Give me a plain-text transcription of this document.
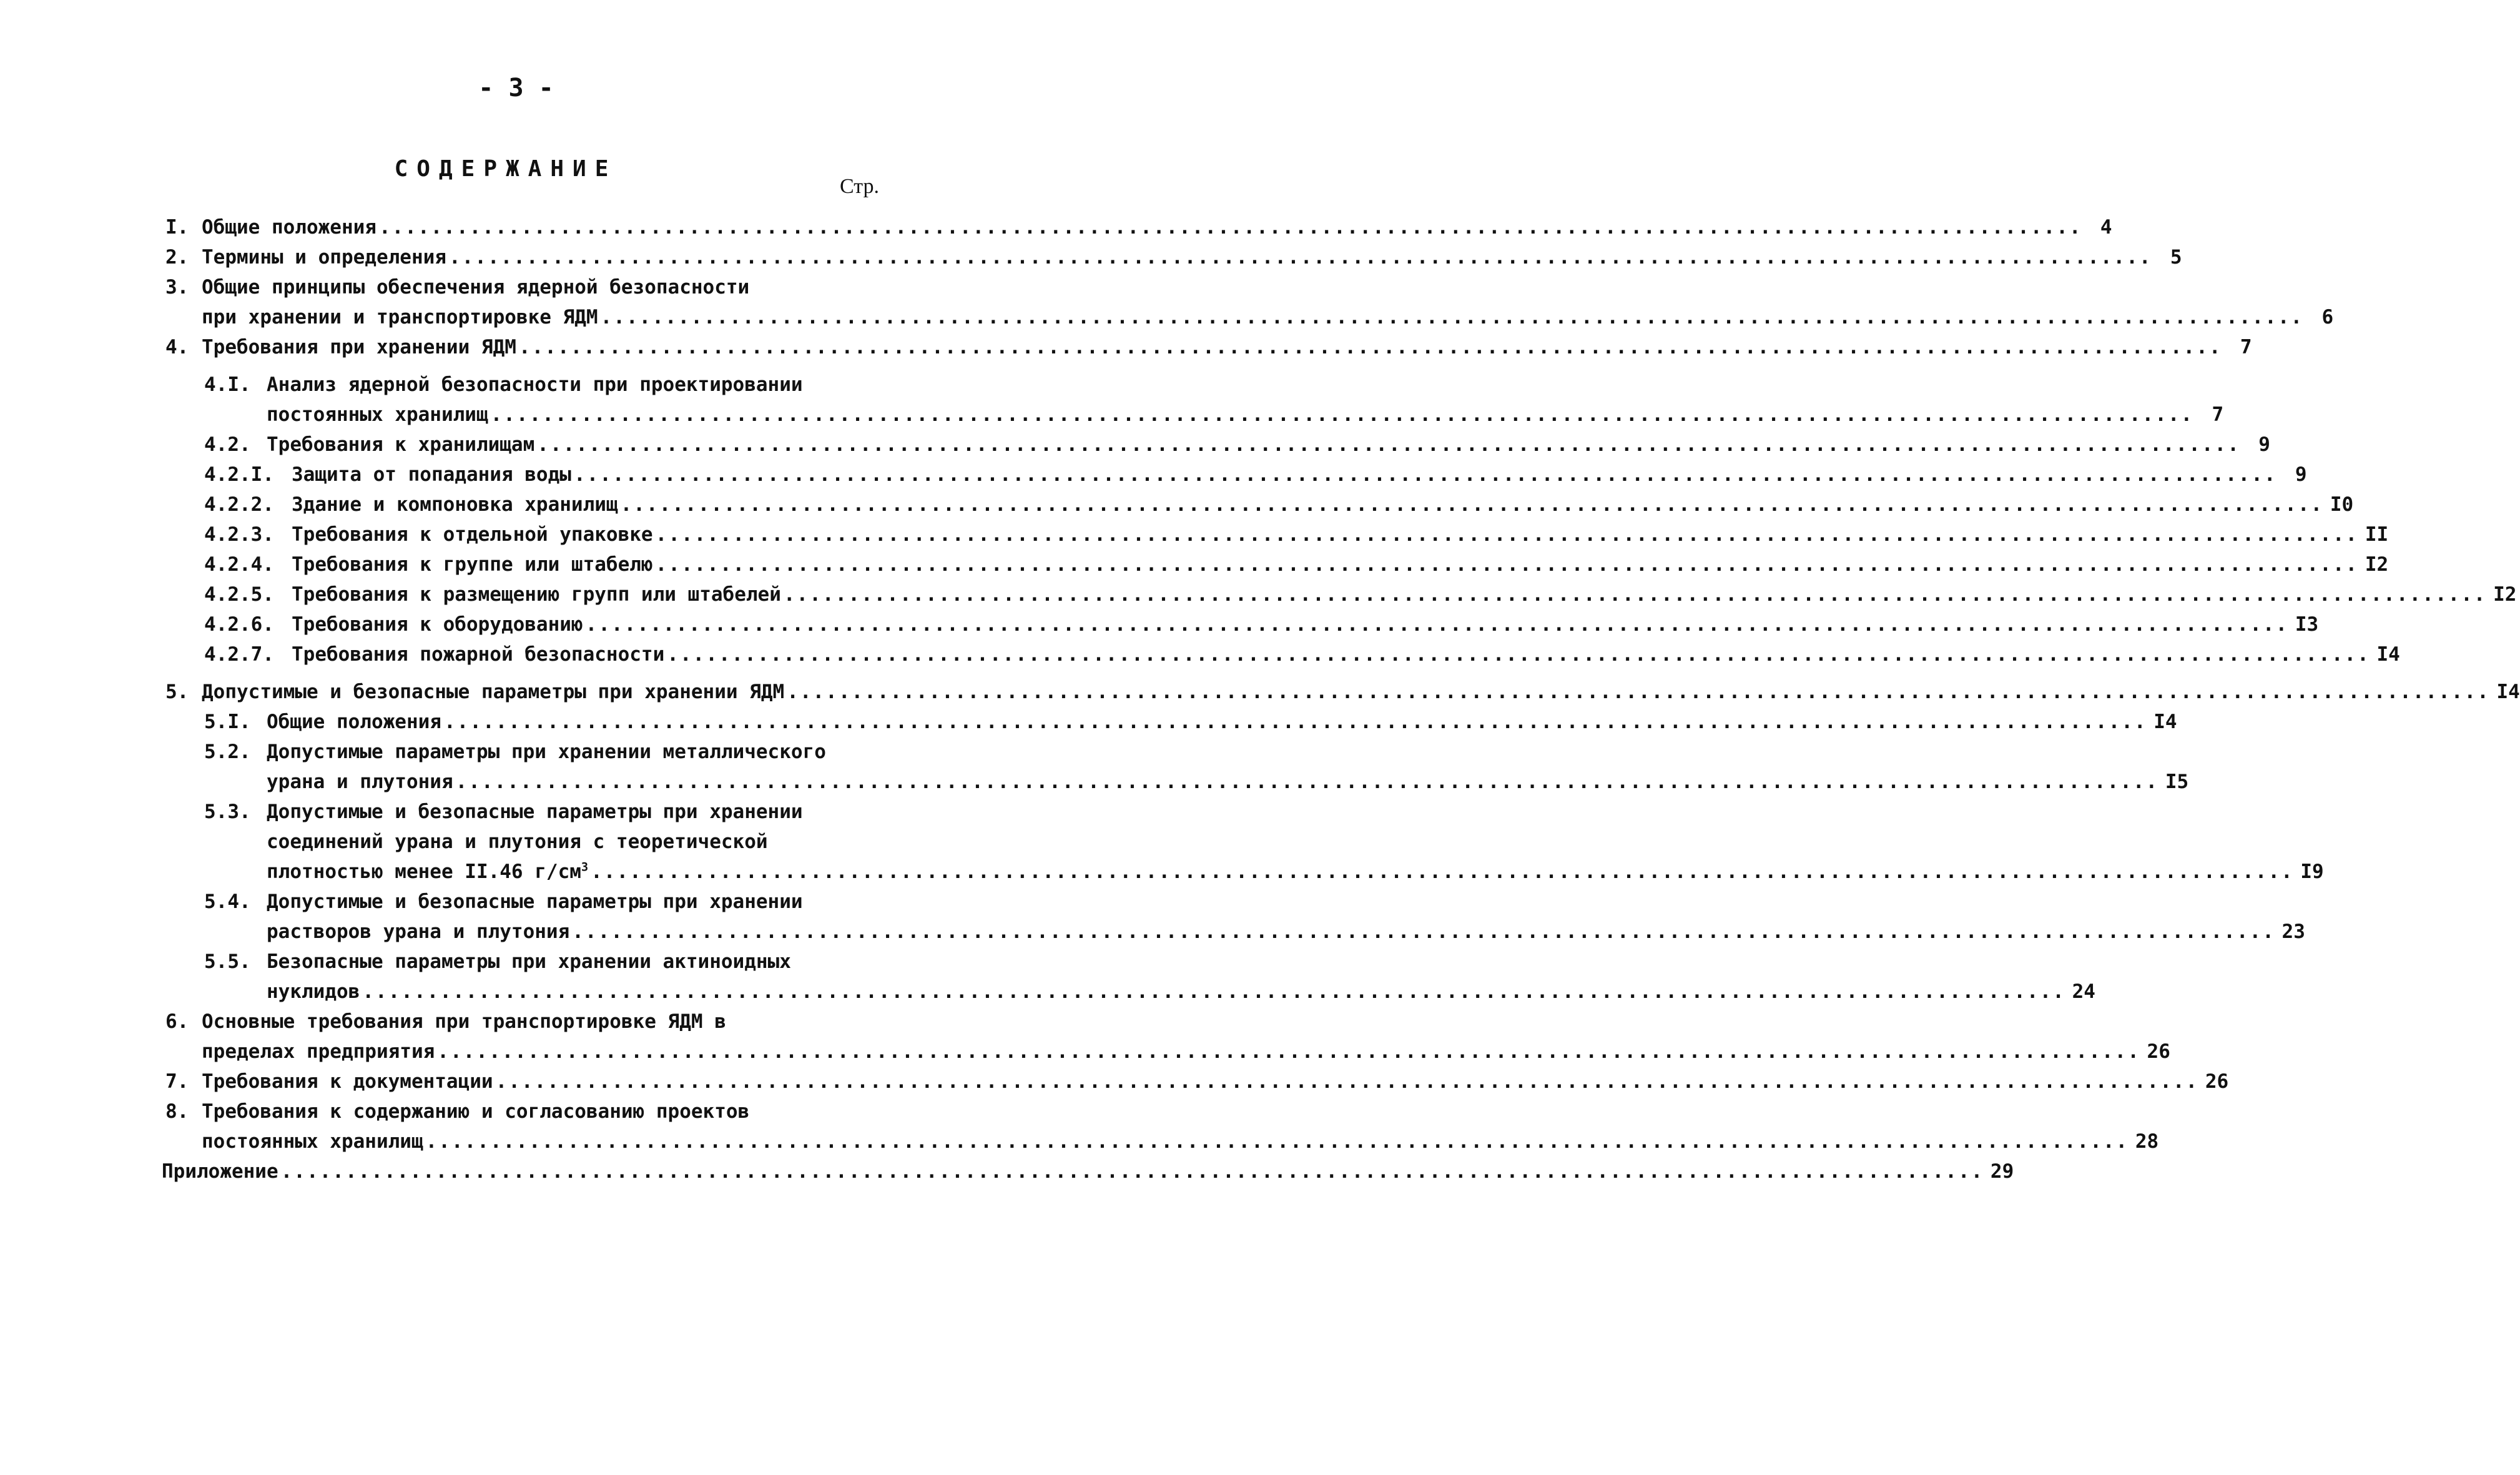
- 3 -
СОДЕРЖАНИЕ
Стр.
I. Общие положения .....	4
2. Термины и определения .....	5
3. Общие принципы обеспечения ядерной безопасности
при хранении и транспортировке ЯДМ .....	6
4. Требования при хранении ЯДМ .....	7
4.I. Анализ ядерной безопасности при проектировании
постоянных хранилищ .....	7
4.2. Требования к хранилищам .....	9
4.2.I. Защита от попадания воды .....	9
4.2.2. Здание и компоновка хранилищ .....	I0
4.2.3. Требования к отдельной упаковке .....	II
4.2.4. Требования к группе или штабелю .....	I2
4.2.5. Требования к размещению групп или штабелей .....	I2
4.2.6. Требования к оборудованию .....	I3
4.2.7. Требования пожарной безопасности .....	I4
5. Допустимые и безопасные параметры при хранении ЯДМ .....	I4
5.I. Общие положения .....	I4
5.2. Допустимые параметры при хранении металлического
урана и плутония .....	I5
5.3. Допустимые и безопасные параметры при хранении
соединений урана и плутония с теоретической
плотностью менее II.46 $г/см^3$ .....	I9
5.4. Допустимые и безопасные параметры при хранении
растворов урана и плутония .....	23
5.5. Безопасные параметры при хранении актиноидных
нуклидов .....	24
6. Основные требования при транспортировке ЯДМ в
пределах предприятия .....	26
7. Требования к документации .....	26
8. Требования к содержанию и согласованию проектов
постоянных хранилищ .....	28
Приложение .....	29
